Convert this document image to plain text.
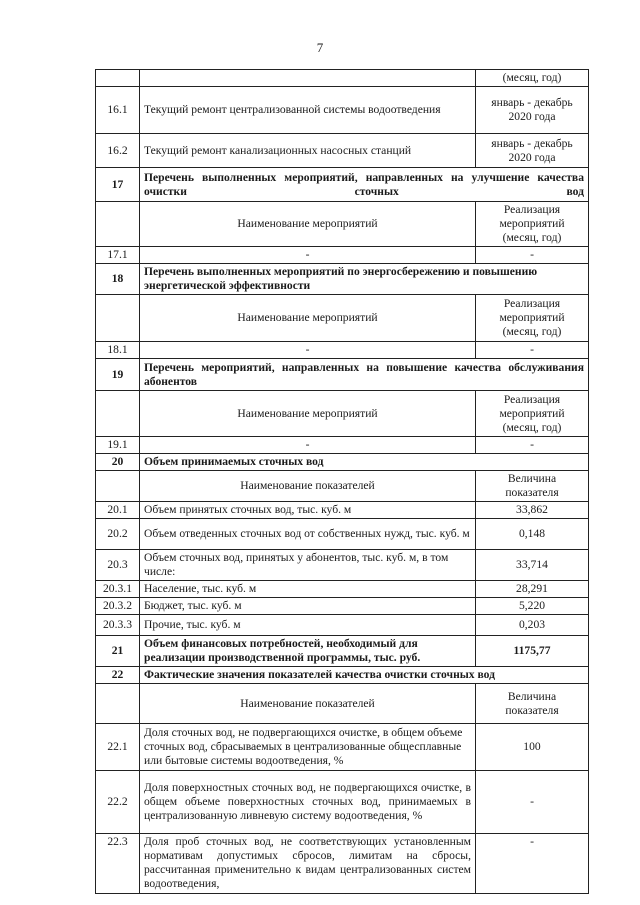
7
		(месяц, год)
16.1	Текущий ремонт централизованной системы водоотведения	январь - декабрь 2020 года
16.2	Текущий ремонт канализационных насосных станций	январь - декабрь 2020 года
17	Перечень выполненных мероприятий, направленных на улучшение качества очистки сточных вод	
	Наименование мероприятий	Реализация мероприятий (месяц, год)
17.1	-	-
18	Перечень выполненных мероприятий по энергосбережению и повышению энергетической эффективности	
	Наименование мероприятий	Реализация мероприятий (месяц, год)
18.1	-	-
19	Перечень мероприятий, направленных на повышение качества обслуживания абонентов	
	Наименование мероприятий	Реализация мероприятий (месяц, год)
19.1	-	-
20	Объем принимаемых сточных вод	
	Наименование показателей	Величина показателя
20.1	Объем принятых сточных вод, тыс. куб. м	33,862
20.2	Объем отведенных сточных вод от собственных нужд, тыс. куб. м	0,148
20.3	Объем сточных вод, принятых у абонентов, тыс. куб. м, в том числе:	33,714
20.3.1	Население, тыс. куб. м	28,291
20.3.2	Бюджет, тыс. куб. м	5,220
20.3.3	Прочие, тыс. куб. м	0,203
21	Объем финансовых потребностей, необходимый для реализации производственной программы, тыс. руб.	1175,77
22	Фактические значения показателей качества очистки сточных вод	
	Наименование показателей	Величина показателя
22.1	Доля сточных вод, не подвергающихся очистке, в общем объеме сточных вод, сбрасываемых в централизованные общесплавные или бытовые системы водоотведения, %	100
22.2	Доля поверхностных сточных вод, не подвергающихся очистке, в общем объеме поверхностных сточных вод, принимаемых в централизованную ливневую систему водоотведения, %	-
22.3	Доля проб сточных вод, не соответствующих установленным нормативам допустимых сбросов, лимитам на сбросы, рассчитанная применительно к видам централизованных систем водоотведения,	-
